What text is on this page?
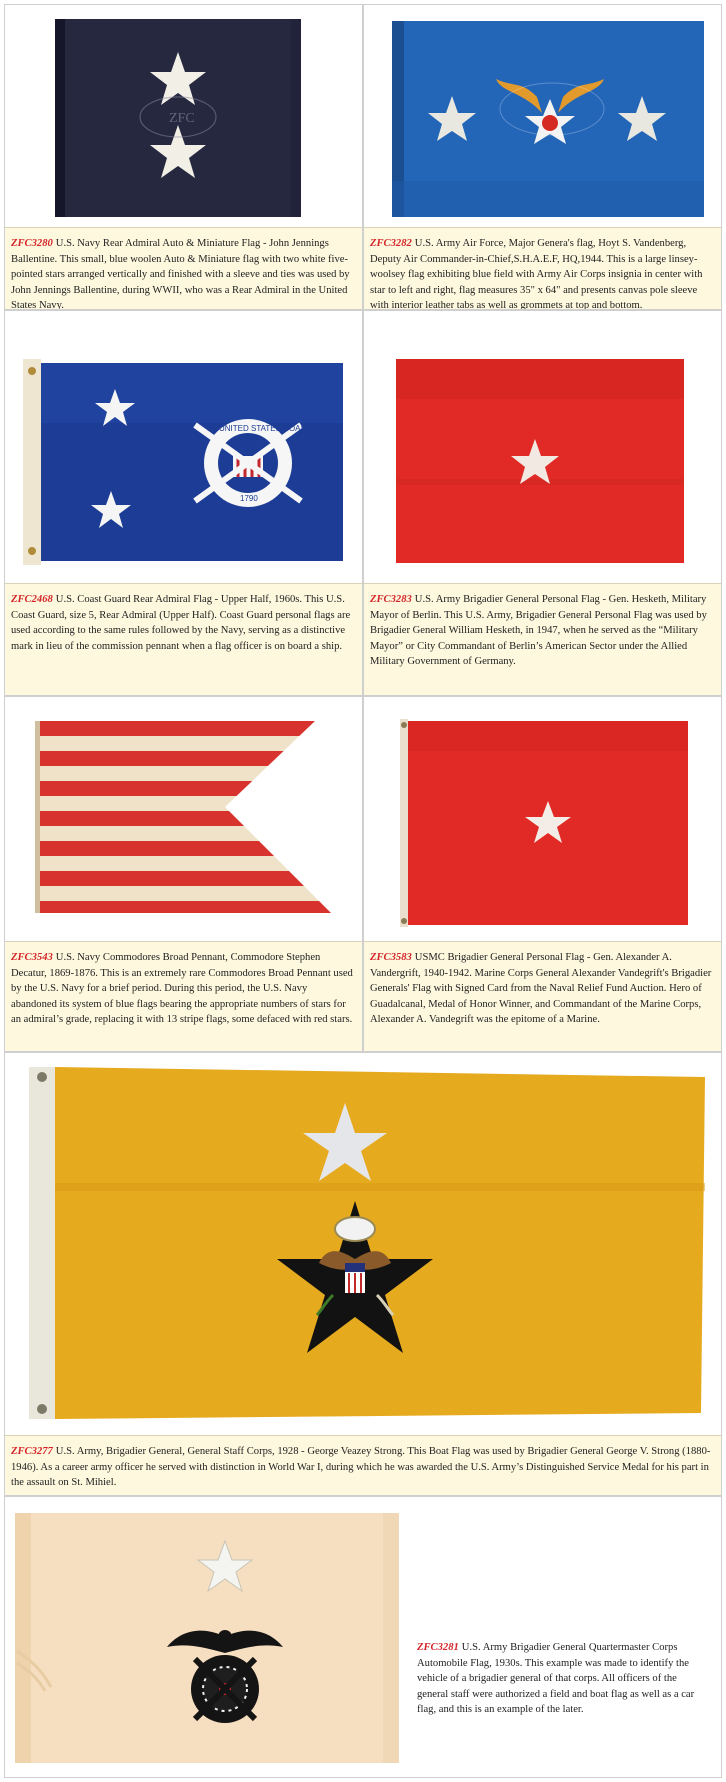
ZFC
ZFC3280 U.S. Navy Rear Admiral Auto & Miniature Flag - John Jennings Ballentine. This small, blue woolen Auto & Miniature flag with two white five-pointed stars arranged vertically and finished with a sleeve and ties was used by John Jennings Ballentine, during WWII, who was a Rear Admiral in the United States Navy.
ZFC3282 U.S. Army Air Force, Major Genera's flag, Hoyt S. Vandenberg, Deputy Air Commander-in-Chief,S.H.A.E.F, HQ,1944. This is a large linsey-woolsey flag exhibiting blue field with Army Air Corps insignia in center with star to left and right, flag measures 35" x 64" and presents canvas pole sleeve with interior leather tabs as well as grommets at top and bottom.
UNITED STATES COAST GUARD
1790
ZFC2468 U.S. Coast Guard Rear Admiral Flag - Upper Half, 1960s. This U.S. Coast Guard, size 5, Rear Admiral (Upper Half). Coast Guard personal flags are used according to the same rules followed by the Navy, serving as a distinctive mark in lieu of the commission pennant when a flag officer is on board a ship.
ZFC3283 U.S. Army Brigadier General Personal Flag - Gen. Hesketh, Military Mayor of Berlin. This U.S. Army, Brigadier General Personal Flag was used by Brigadier General William Hesketh, in 1947, when he served as the “Military Mayor” or City Commandant of Berlin’s American Sector under the Allied Military Government of Germany.
ZFC3543 U.S. Navy Commodores Broad Pennant, Commodore Stephen Decatur, 1869-1876. This is an extremely rare Commodores Broad Pennant used by the U.S. Navy for a brief period. During this period, the U.S. Navy abandoned its system of blue flags bearing the appropriate numbers of stars for an admiral’s grade, replacing it with 13 stripe flags, some defaced with red stars.
ZFC3583 USMC Brigadier General Personal Flag - Gen. Alexander A. Vandergrift, 1940-1942. Marine Corps General Alexander Vandegrift's Brigadier Generals' Flag with Signed Card from the Naval Relief Fund Auction. Hero of Guadalcanal, Medal of Honor Winner, and Commandant of the Marine Corps, Alexander A. Vandegrift was the epitome of a Marine.
ZFC3277 U.S. Army, Brigadier General, General Staff Corps, 1928 - George Veazey Strong. This Boat Flag was used by Brigadier General George V. Strong (1880-1946). As a career army officer he served with distinction in World War I, during which he was awarded the U.S. Army’s Distinguished Service Medal for his part in the assault on St. Mihiel.
ZFC3281 U.S. Army Brigadier General Quartermaster Corps Automobile Flag, 1930s. This example was made to identify the vehicle of a brigadier general of that corps. All officers of the general staff were authorized a field and boat flag as well as a car flag, and this is an example of the later.
